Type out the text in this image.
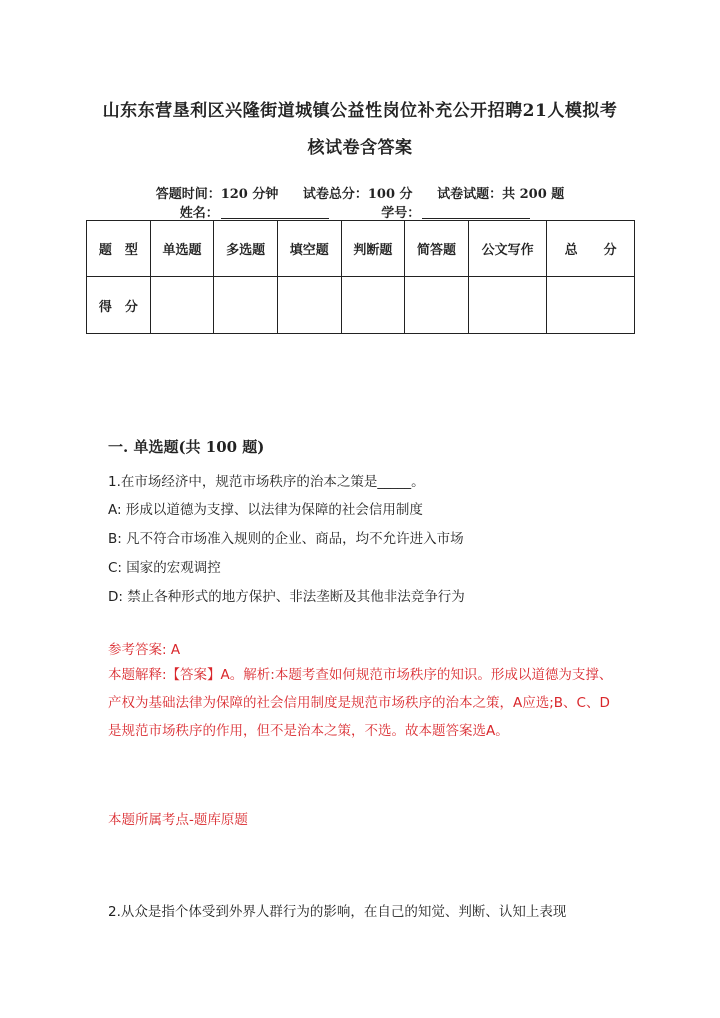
山东东营垦利区兴隆街道城镇公益性岗位补充公开招聘21人模拟考
核试卷含答案
答题时间：120 分钟 试卷总分：100 分 试卷试题：共 200 题
姓名：	学号：
题　型	单选题	多选题	填空题	判断题	简答题	公文写作	总　　分
得　分							
一. 单选题(共 100 题)
1.在市场经济中，规范市场秩序的治本之策是_____。
A: 形成以道德为支撑、以法律为保障的社会信用制度
B: 凡不符合市场准入规则的企业、商品，均不允许进入市场
C: 国家的宏观调控
D: 禁止各种形式的地方保护、非法垄断及其他非法竞争行为
参考答案: A
本题解释:【答案】A。解析:本题考查如何规范市场秩序的知识。形成以道德为支撑、产权为基础法律为保障的社会信用制度是规范市场秩序的治本之策，A应选;B、C、D是规范市场秩序的作用，但不是治本之策，不选。故本题答案选A。
本题所属考点-题库原题
2.从众是指个体受到外界人群行为的影响，在自己的知觉、判断、认知上表现
